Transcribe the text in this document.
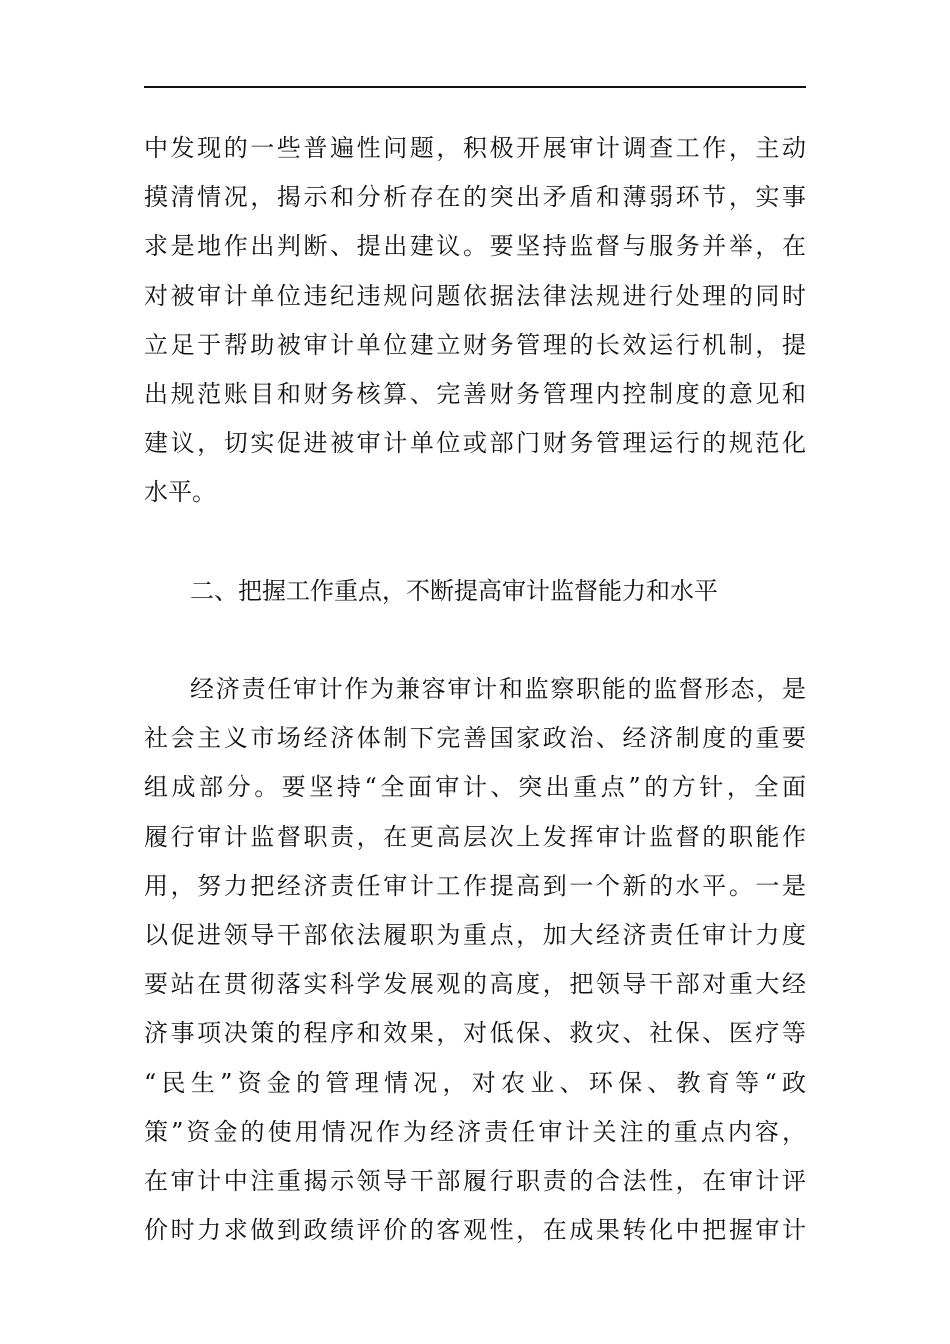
中发现的一些普遍性问题，积极开展审计调查工作，主动
摸清情况，揭示和分析存在的突出矛盾和薄弱环节，实事
求是地作出判断、提出建议。要坚持监督与服务并举，在
对被审计单位违纪违规问题依据法律法规进行处理的同时
立足于帮助被审计单位建立财务管理的长效运行机制，提
出规范账目和财务核算、完善财务管理内控制度的意见和
建议，切实促进被审计单位或部门财务管理运行的规范化
水平。
二、把握工作重点，不断提高审计监督能力和水平
经济责任审计作为兼容审计和监察职能的监督形态，是
社会主义市场经济体制下完善国家政治、经济制度的重要
组成部分。要坚持“全面审计、突出重点”的方针，全面
履行审计监督职责，在更高层次上发挥审计监督的职能作
用，努力把经济责任审计工作提高到一个新的水平。一是
以促进领导干部依法履职为重点，加大经济责任审计力度
要站在贯彻落实科学发展观的高度，把领导干部对重大经
济事项决策的程序和效果，对低保、救灾、社保、医疗等
“民生”资金的管理情况，对农业、环保、教育等“政
策”资金的使用情况作为经济责任审计关注的重点内容，
在审计中注重揭示领导干部履行职责的合法性，在审计评
价时力求做到政绩评价的客观性，在成果转化中把握审计
